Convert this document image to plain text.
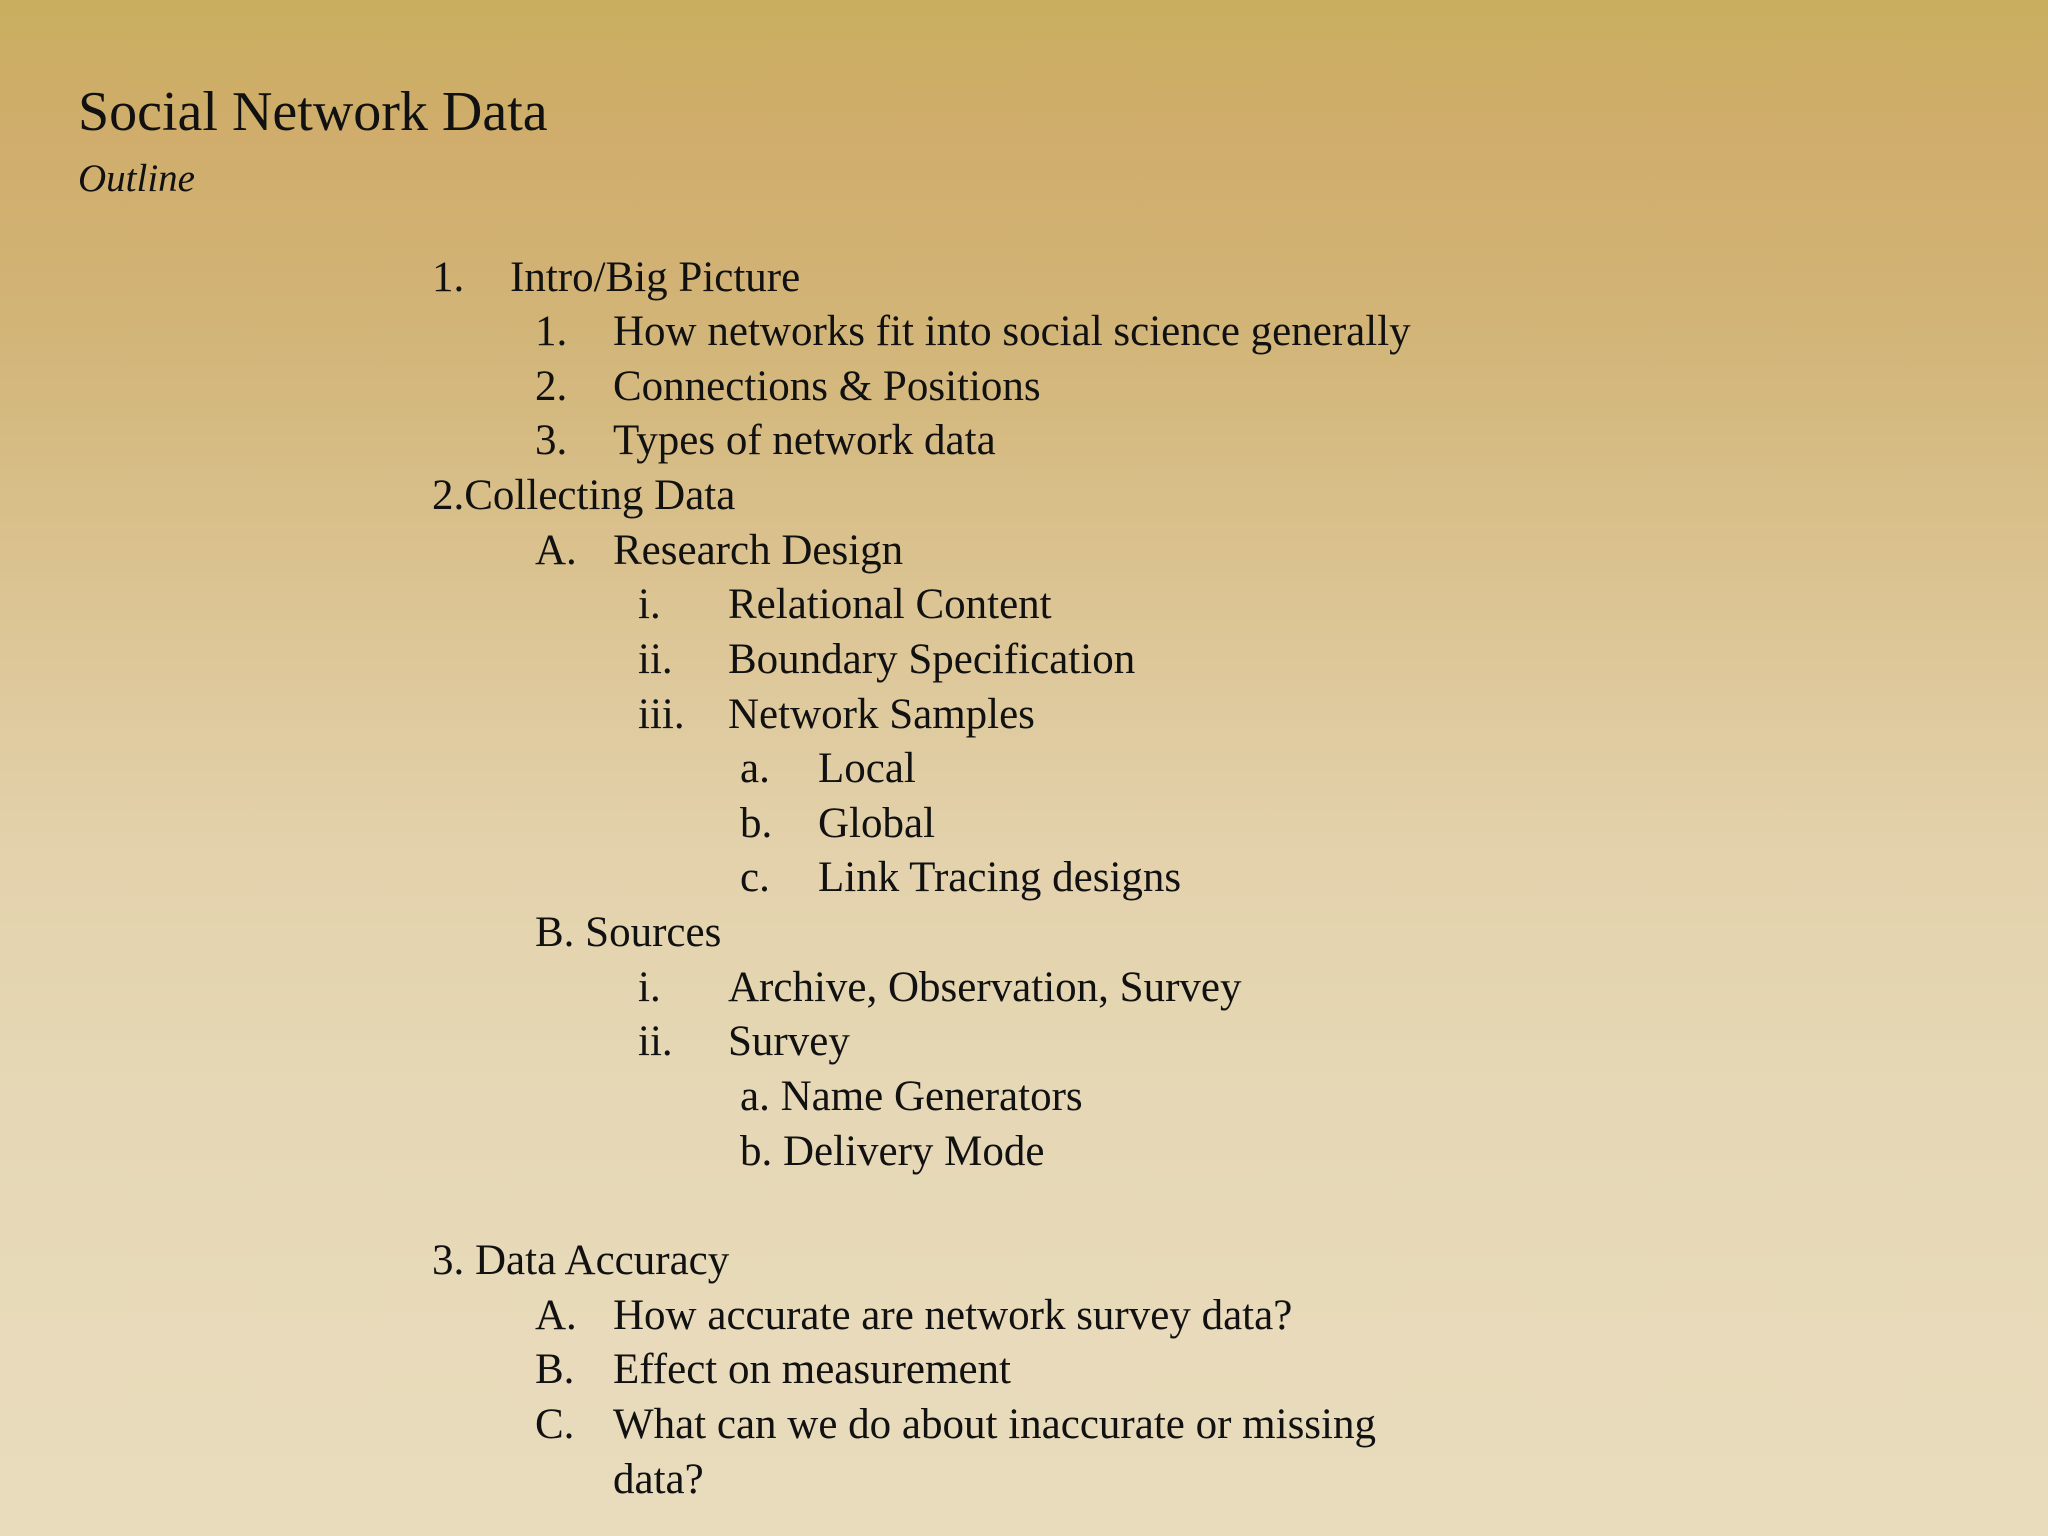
Social Network Data
Outline
1. Intro/Big Picture
1. How networks fit into social science generally
2. Connections & Positions
3. Types of network data
2.Collecting Data
A. Research Design
i. Relational Content
ii. Boundary Specification
iii. Network Samples
a. Local
b. Global
c. Link Tracing designs
B. Sources
i. Archive, Observation, Survey
ii. Survey
a. Name Generators
b. Delivery Mode
3. Data Accuracy
A. How accurate are network survey data?
B. Effect on measurement
C. What can we do about inaccurate or missing
data?
